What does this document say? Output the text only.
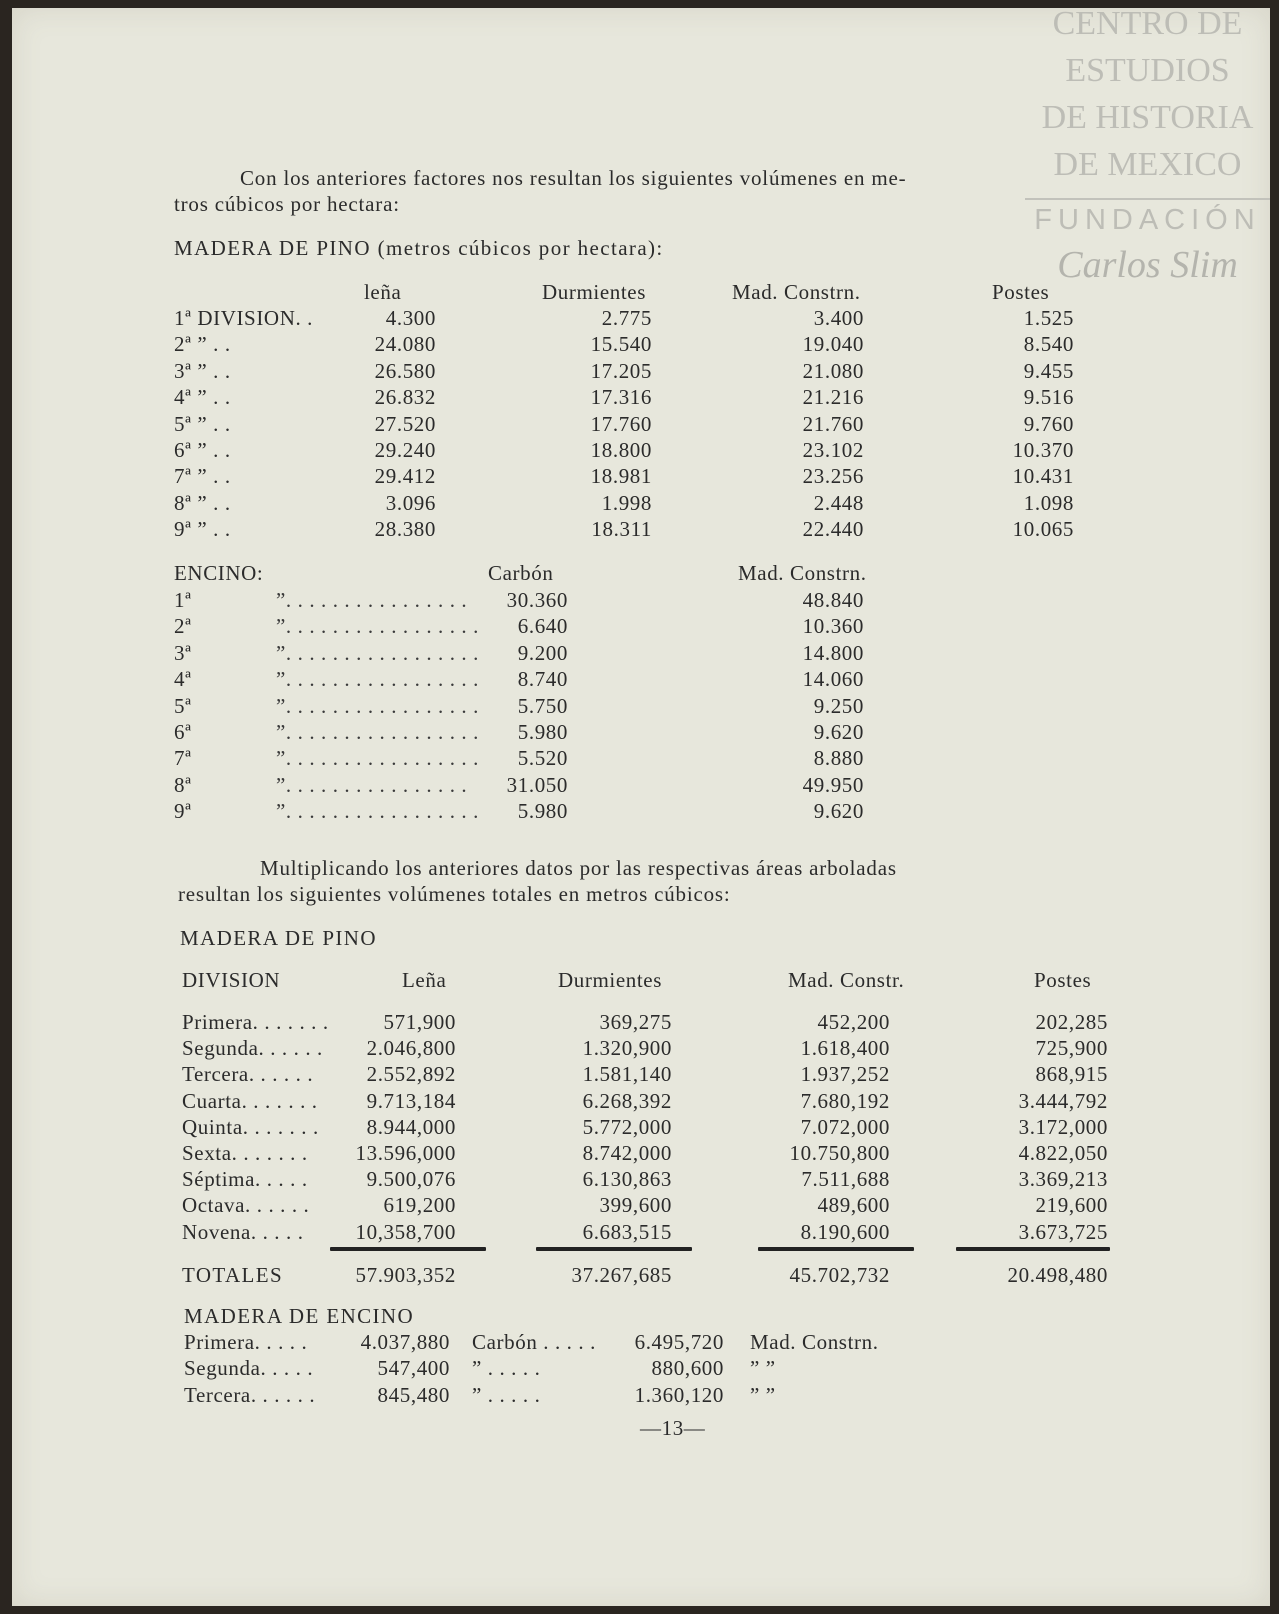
CENTRO DE
ESTUDIOS
DE HISTORIA
DE MEXICO
FUNDACIÓN
Carlos Slim
Con los anteriores factores nos resultan los siguientes volúmenes en me-
tros cúbicos por hectara:
MADERA DE PINO (metros cúbicos por hectara):
leña	Durmientes	Mad. Constrn.	Postes
1ª DIVISION. .	4.300	2.775	3.400	1.525
2ª ” . .	24.080	15.540	19.040	8.540
3ª ” . .	26.580	17.205	21.080	9.455
4ª ” . .	26.832	17.316	21.216	9.516
5ª ” . .	27.520	17.760	21.760	9.760
6ª ” . .	29.240	18.800	23.102	10.370
7ª ” . .	29.412	18.981	23.256	10.431
8ª ” . .	3.096	1.998	2.448	1.098
9ª ” . .	28.380	18.311	22.440	10.065
ENCINO:	Carbón	Mad. Constrn.
1ª	”. . . . . . . . . . . . . . . . 30.360	48.840
2ª	”. . . . . . . . . . . . . . . . . 6.640	10.360
3ª	”. . . . . . . . . . . . . . . . . 9.200	14.800
4ª	”. . . . . . . . . . . . . . . . . 8.740	14.060
5ª	”. . . . . . . . . . . . . . . . . 5.750	9.250
6ª	”. . . . . . . . . . . . . . . . . 5.980	9.620
7ª	”. . . . . . . . . . . . . . . . . 5.520	8.880
8ª	”. . . . . . . . . . . . . . . . 31.050	49.950
9ª	”. . . . . . . . . . . . . . . . . 5.980	9.620
Multiplicando los anteriores datos por las respectivas áreas arboladas
resultan los siguientes volúmenes totales en metros cúbicos:
MADERA DE PINO
DIVISION	Leña	Durmientes	Mad. Constr.	Postes
Primera. . . . . . .	571,900	369,275	452,200	202,285
Segunda. . . . . . 2.046,800	1.320,900	1.618,400	725,900
Tercera. . . . . .	2.552,892	1.581,140	1.937,252	868,915
Cuarta. . . . . . . 9.713,184	6.268,392	7.680,192	3.444,792
Quinta. . . . . . . 8.944,000	5.772,000	7.072,000	3.172,000
Sexta. . . . . . . 13.596,000	8.742,000	10.750,800	4.822,050
Séptima. . . . .	9.500,076	6.130,863	7.511,688	3.369,213
Octava. . . . . .	619,200	399,600	489,600	219,600
Novena. . . . . 10,358,700	6.683,515	8.190,600	3.673,725
TOTALES	57.903,352	37.267,685	45.702,732	20.498,480
MADERA DE ENCINO
Primera. . . . .	4.037,880 Carbón . . . . . 6.495,720 Mad. Constrn.
Segunda. . . . .	547,400 ” . . . . .	880,600 ” ”
Tercera. . . . . .	845,480 ” . . . . .	1.360,120 ” ”
—13—
